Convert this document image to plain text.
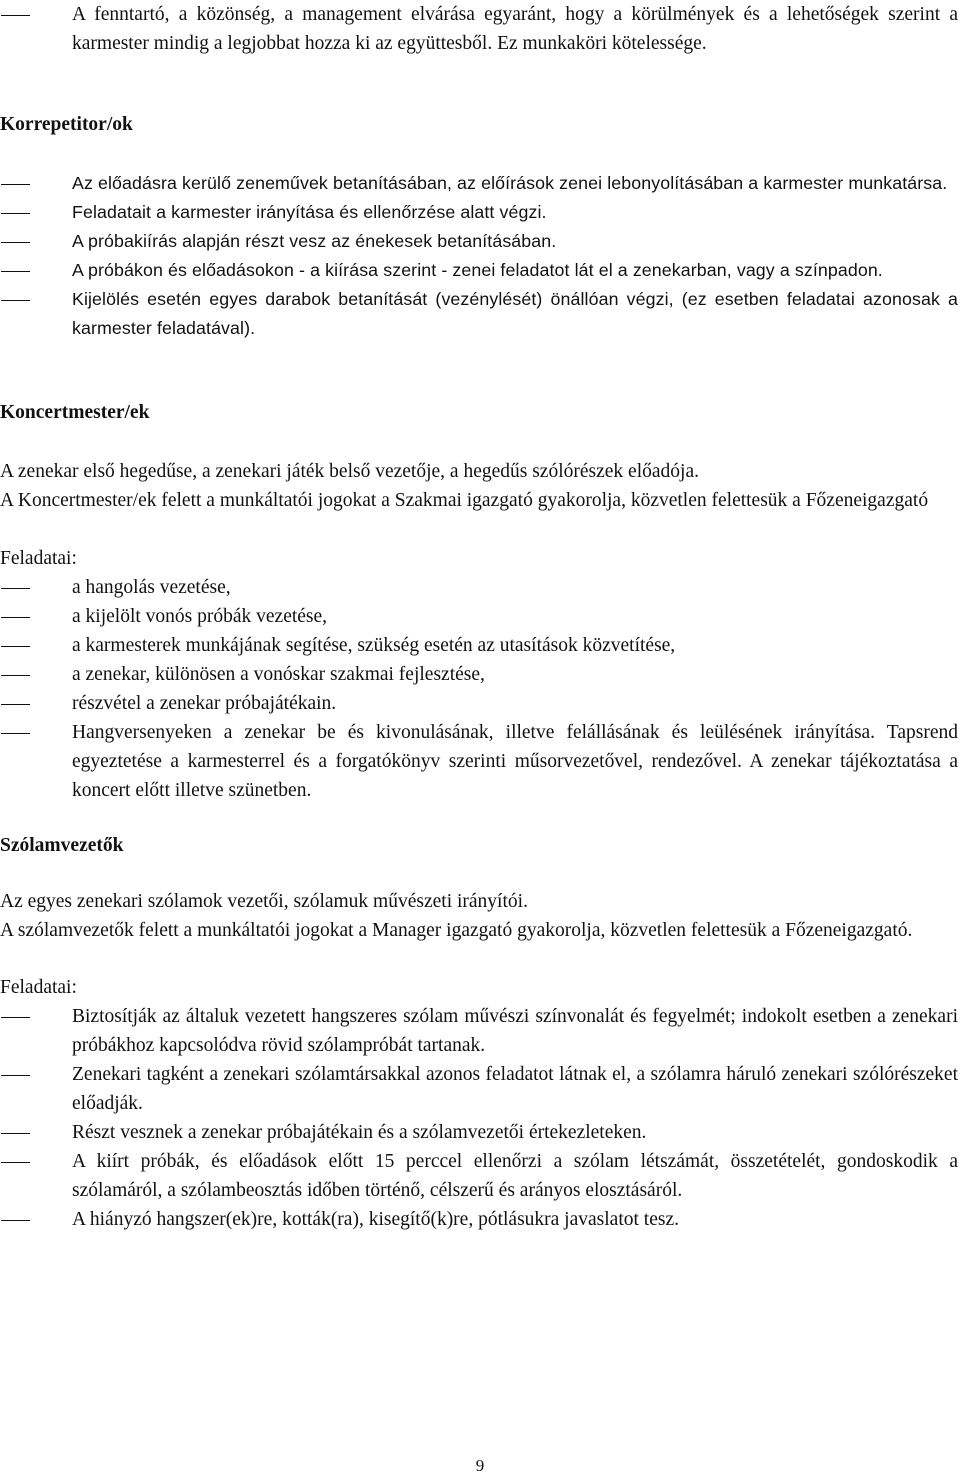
A fenntartó, a közönség, a management elvárása egyaránt, hogy a körülmények és a lehetőségek szerint a karmester mindig a legjobbat hozza ki az együttesből. Ez munkaköri kötelessége.

Korrepetitor/ok

Az előadásra kerülő zeneművek betanításában, az előírások zenei lebonyolításában a karmester munkatársa.
Feladatait a karmester irányítása és ellenőrzése alatt végzi.
A próbakiírás alapján részt vesz az énekesek betanításában.
A próbákon és előadásokon - a kiírása szerint - zenei feladatot lát el a zenekarban, vagy a színpadon.
Kijelölés esetén egyes darabok betanítását (vezénylését) önállóan végzi, (ez esetben feladatai azonosak a karmester feladatával).

Koncertmester/ek

A zenekar első hegedűse, a zenekari játék belső vezetője, a hegedűs szólórészek előadója.

A Koncertmester/ek felett a munkáltatói jogokat a Szakmai igazgató gyakorolja, közvetlen felettesük a Főzeneigazgató

Feladatai:

a hangolás vezetése,
a kijelölt vonós próbák vezetése,
a karmesterek munkájának segítése, szükség esetén az utasítások közvetítése,
a zenekar, különösen a vonóskar szakmai fejlesztése,
részvétel a zenekar próbajátékain.
Hangversenyeken a zenekar be és kivonulásának, illetve felállásának és leülésének irányítása. Tapsrend egyeztetése a karmesterrel és a forgatókönyv szerinti műsorvezetővel, rendezővel. A zenekar tájékoztatása a koncert előtt illetve szünetben.

Szólamvezetők

Az egyes zenekari szólamok vezetői, szólamuk művészeti irányítói.

A szólamvezetők felett a munkáltatói jogokat a Manager igazgató gyakorolja, közvetlen felettesük a Főzeneigazgató.

Feladatai:

Biztosítják az általuk vezetett hangszeres szólam művészi színvonalát és fegyelmét; indokolt esetben a zenekari próbákhoz kapcsolódva rövid szólampróbát tartanak.
Zenekari tagként a zenekari szólamtársakkal azonos feladatot látnak el, a szólamra háruló zenekari szólórészeket előadják.
Részt vesznek a zenekar próbajátékain és a szólamvezetői értekezleteken.
A kiírt próbák, és előadások előtt 15 perccel ellenőrzi a szólam létszámát, összetételét, gondoskodik a szólamáról, a szólambeosztás időben történő, célszerű és arányos elosztásáról.
A hiányzó hangszer(ek)re, kották(ra), kisegítő(k)re, pótlásukra javaslatot tesz.
9
